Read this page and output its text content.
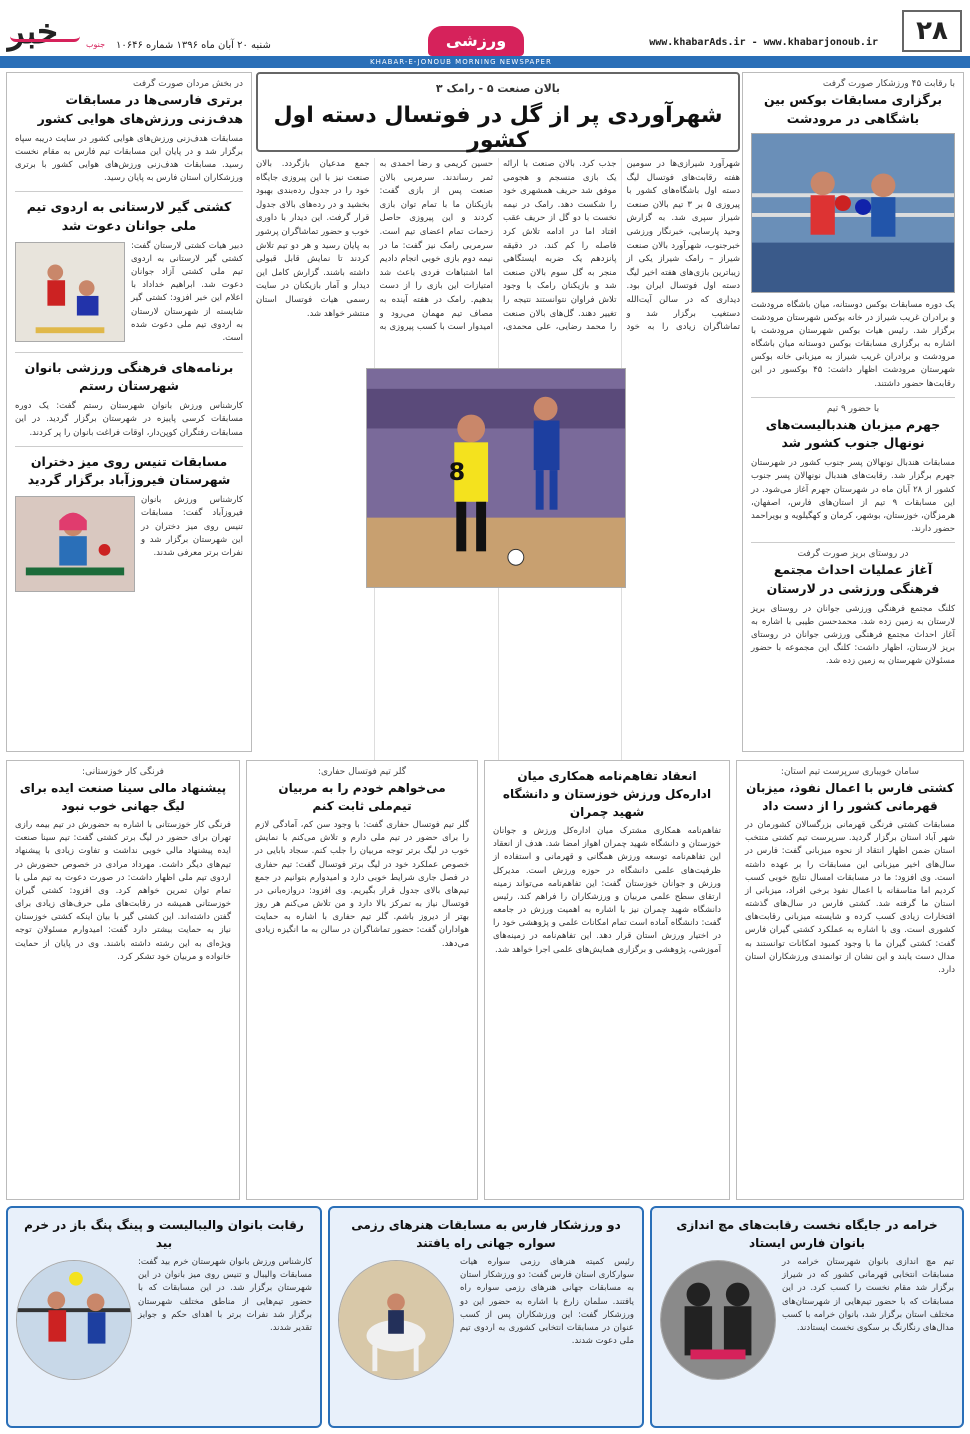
۲۸
www.khabarAds.ir - www.khabarjonoub.ir
ورزشی
شنبه ۲۰ آبان ماه ۱۳۹۶ شماره ۱۰۶۴۶
خبر	جنوب
KHABAR-E-JONOUB MORNING NEWSPAPER
با رقابت ۴۵ ورزشکار صورت گرفت
برگزاری مسابقات بوکس بین باشگاهی در مرودشت
یک دوره مسابقات بوکس دوستانه، میان باشگاه مرودشت و برادران غریب شیراز در خانه بوکس شهرستان مرودشت برگزار شد. رئیس هیات بوکس شهرستان مرودشت با اشاره به برگزاری مسابقات بوکس دوستانه میان باشگاه مرودشت و برادران غریب شیراز به میزبانی خانه بوکس شهرستان مرودشت اظهار داشت: ۴۵ بوکسور در این رقابت‌ها حضور داشتند.
با حضور ۹ تیم
جهرم میزبان هندبالیست‌های نونهال جنوب کشور شد
مسابقات هندبال نونهالان پسر جنوب کشور در شهرستان جهرم برگزار شد. رقابت‌های هندبال نونهالان پسر جنوب کشور از ۲۸ آبان ماه در شهرستان جهرم آغاز می‌شود. در این مسابقات ۹ تیم از استان‌های فارس، اصفهان، هرمزگان، خوزستان، بوشهر، کرمان و کهگیلویه و بویراحمد حضور دارند.
در روستای بریز صورت گرفت
آغاز عملیات احداث مجتمع فرهنگی ورزشی در لارستان
کلنگ مجتمع فرهنگی ورزشی جوانان در روستای بریز لارستان به زمین زده شد. محمدحسن طیبی با اشاره به آغاز احداث مجتمع فرهنگی ورزشی جوانان در روستای بریز لارستان، اظهار داشت: کلنگ این مجموعه با حضور مسئولان شهرستان به زمین زده شد.
بالان صنعت ۵ - رامک ۳
شهرآوردی پر از گل در فوتسال دسته اول کشور
8
شهرآورد شیرازی‌ها در سومین هفته رقابت‌های فوتسال لیگ دسته اول باشگاه‌های کشور با پیروزی ۵ بر ۳ تیم بالان صنعت شیراز سپری شد. به گزارش وحید پارسایی، خبرنگار ورزشی خبرجنوب، شهرآورد بالان صنعت شیراز – رامک شیراز یکی از زیباترین بازی‌های هفته اخیر لیگ دسته اول فوتسال ایران بود. دیداری که در سالن آیت‌الله دستغیب برگزار شد و تماشاگران زیادی را به خود جذب کرد. بالان صنعت با ارائه یک بازی منسجم و هجومی موفق شد حریف همشهری خود را شکست دهد. رامک در نیمه نخست با دو گل از حریف عقب افتاد اما در ادامه تلاش کرد فاصله را کم کند. در دقیقه پانزدهم یک ضربه ایستگاهی منجر به گل سوم بالان صنعت شد و بازیکنان رامک با وجود تلاش فراوان نتوانستند نتیجه را تغییر دهند. گل‌های بالان صنعت را محمد رضایی، علی محمدی، حسین کریمی و رضا احمدی به ثمر رساندند. سرمربی بالان صنعت پس از بازی گفت: بازیکنان ما با تمام توان بازی کردند و این پیروزی حاصل زحمات تمام اعضای تیم است. سرمربی رامک نیز گفت: ما در نیمه دوم بازی خوبی انجام دادیم اما اشتباهات فردی باعث شد امتیازات این بازی را از دست بدهیم. رامک در هفته آینده به مصاف تیم مهمان می‌رود و امیدوار است با کسب پیروزی به جمع مدعیان بازگردد. بالان صنعت نیز با این پیروزی جایگاه خود را در جدول رده‌بندی بهبود بخشید و در رده‌های بالای جدول قرار گرفت. این دیدار با داوری خوب و حضور تماشاگران پرشور به پایان رسید و هر دو تیم تلاش کردند تا نمایش قابل قبولی داشته باشند. گزارش کامل این دیدار و آمار بازیکنان در سایت رسمی هیات فوتسال استان منتشر خواهد شد.
در بخش مردان صورت گرفت
برتری فارسی‌ها در مسابقات هدف‌زنی ورزش‌های هوایی کشور
مسابقات هدف‌زنی ورزش‌های هوایی کشور در سایت دریبه سپاه برگزار شد و در پایان این مسابقات تیم فارس به مقام نخست رسید. مسابقات هدف‌زنی ورزش‌های هوایی کشور با برتری ورزشکاران استان فارس به پایان رسید.
کشتی گیر لارستانی به اردوی تیم ملی جوانان دعوت شد
دبیر هیات کشتی لارستان گفت: کشتی گیر لارستانی به اردوی تیم ملی کشتی آزاد جوانان دعوت شد. ابراهیم خداداد با اعلام این خبر افزود: کشتی گیر شایسته از شهرستان لارستان به اردوی تیم ملی دعوت شده است.
برنامه‌های فرهنگی ورزشی بانوان شهرستان رستم
کارشناس ورزش بانوان شهرستان رستم گفت: یک دوره مسابقات کرسی پاییزه در شهرستان برگزار گردید. در این مسابقات رفتگران کوپن‌دار، اوقات فراغت بانوان را پر کردند.
مسابقات تنیس روی میز دختران شهرستان فیروزآباد برگزار گردید
کارشناس ورزش بانوان فیروزآباد گفت: مسابقات تنیس روی میز دختران در این شهرستان برگزار شد و نفرات برتر معرفی شدند.
سامان خویباری سرپرست تیم استان:
کشتی فارس با اعمال نفوذ، میزبان قهرمانی کشور را از دست داد
مسابقات کشتی فرنگی قهرمانی بزرگسالان کشورمان در شهر آباد استان برگزار گردید. سرپرست تیم کشتی منتخب استان ضمن اظهار انتقاد از نحوه میزبانی گفت: فارس در سال‌های اخیر میزبانی این مسابقات را بر عهده داشته است. وی افزود: ما در مسابقات امسال نتایج خوبی کسب کردیم اما متاسفانه با اعمال نفوذ برخی افراد، میزبانی از استان ما گرفته شد. کشتی فارس در سال‌های گذشته افتخارات زیادی کسب کرده و شایسته میزبانی رقابت‌های کشوری است. وی با اشاره به عملکرد کشتی گیران فارس گفت: کشتی گیران ما با وجود کمبود امکانات توانستند به مدال دست یابند و این نشان از توانمندی ورزشکاران استان دارد.
انعقاد تفاهم‌نامه همکاری میان اداره‌کل ورزش خوزستان و دانشگاه شهید چمران
تفاهم‌نامه همکاری مشترک میان اداره‌کل ورزش و جوانان خوزستان و دانشگاه شهید چمران اهواز امضا شد. هدف از انعقاد این تفاهم‌نامه توسعه ورزش همگانی و قهرمانی و استفاده از ظرفیت‌های علمی دانشگاه در حوزه ورزش است. مدیرکل ورزش و جوانان خوزستان گفت: این تفاهم‌نامه می‌تواند زمینه ارتقای سطح علمی مربیان و ورزشکاران را فراهم کند. رئیس دانشگاه شهید چمران نیز با اشاره به اهمیت ورزش در جامعه گفت: دانشگاه آماده است تمام امکانات علمی و پژوهشی خود را در اختیار ورزش استان قرار دهد. این تفاهم‌نامه در زمینه‌های آموزشی، پژوهشی و برگزاری همایش‌های علمی اجرا خواهد شد.
گلر تیم فوتسال حفاری:
می‌خواهم خودم را به مربیان تیم‌ملی ثابت کنم
گلر تیم فوتسال حفاری گفت: با وجود سن کم، آمادگی لازم را برای حضور در تیم ملی دارم و تلاش می‌کنم با نمایش خوب در لیگ برتر توجه مربیان را جلب کنم. سجاد بابایی در خصوص عملکرد خود در لیگ برتر فوتسال گفت: تیم حفاری در فصل جاری شرایط خوبی دارد و امیدوارم بتوانیم در جمع تیم‌های بالای جدول قرار بگیریم. وی افزود: دروازه‌بانی در فوتسال نیاز به تمرکز بالا دارد و من تلاش می‌کنم هر روز بهتر از دیروز باشم. گلر تیم حفاری با اشاره به حمایت هواداران گفت: حضور تماشاگران در سالن به ما انگیزه زیادی می‌دهد.
فرنگی کار خوزستانی:
پیشنهاد مالی سینا صنعت ایده برای لیگ جهانی خوب نبود
فرنگی کار خوزستانی با اشاره به حضورش در تیم بیمه رازی تهران برای حضور در لیگ برتر کشتی گفت: تیم سینا صنعت ایده پیشنهاد مالی خوبی نداشت و تفاوت زیادی با پیشنهاد تیم‌های دیگر داشت. مهرداد مرادی در خصوص حضورش در اردوی تیم ملی اظهار داشت: در صورت دعوت به تیم ملی با تمام توان تمرین خواهم کرد. وی افزود: کشتی گیران خوزستانی همیشه در رقابت‌های ملی حرف‌های زیادی برای گفتن داشته‌اند. این کشتی گیر با بیان اینکه کشتی خوزستان نیاز به حمایت بیشتر دارد گفت: امیدوارم مسئولان توجه ویژه‌ای به این رشته داشته باشند. وی در پایان از حمایت خانواده و مربیان خود تشکر کرد.
خرامه در جایگاه نخست رقابت‌های مچ اندازی بانوان فارس ایستاد
تیم مچ اندازی بانوان شهرستان خرامه در مسابقات انتخابی قهرمانی کشور که در شیراز برگزار شد مقام نخست را کسب کرد. در این مسابقات که با حضور تیم‌هایی از شهرستان‌های مختلف استان برگزار شد، بانوان خرامه با کسب مدال‌های رنگارنگ بر سکوی نخست ایستادند.
دو ورزشکار فارس به مسابقات هنرهای رزمی سواره جهانی راه یافتند
رئیس کمیته هنرهای رزمی سواره هیات سوارکاری استان فارس گفت: دو ورزشکار استان به مسابقات جهانی هنرهای رزمی سواره راه یافتند. سلمان زارع با اشاره به حضور این دو ورزشکار گفت: این ورزشکاران پس از کسب عنوان در مسابقات انتخابی کشوری به اردوی تیم ملی دعوت شدند.
رقابت بانوان والیبالیست و پینگ پنگ باز در خرم بید
کارشناس ورزش بانوان شهرستان خرم بید گفت: مسابقات والیبال و تنیس روی میز بانوان در این شهرستان برگزار شد. در این مسابقات که با حضور تیم‌هایی از مناطق مختلف شهرستان برگزار شد نفرات برتر با اهدای حکم و جوایز تقدیر شدند.
